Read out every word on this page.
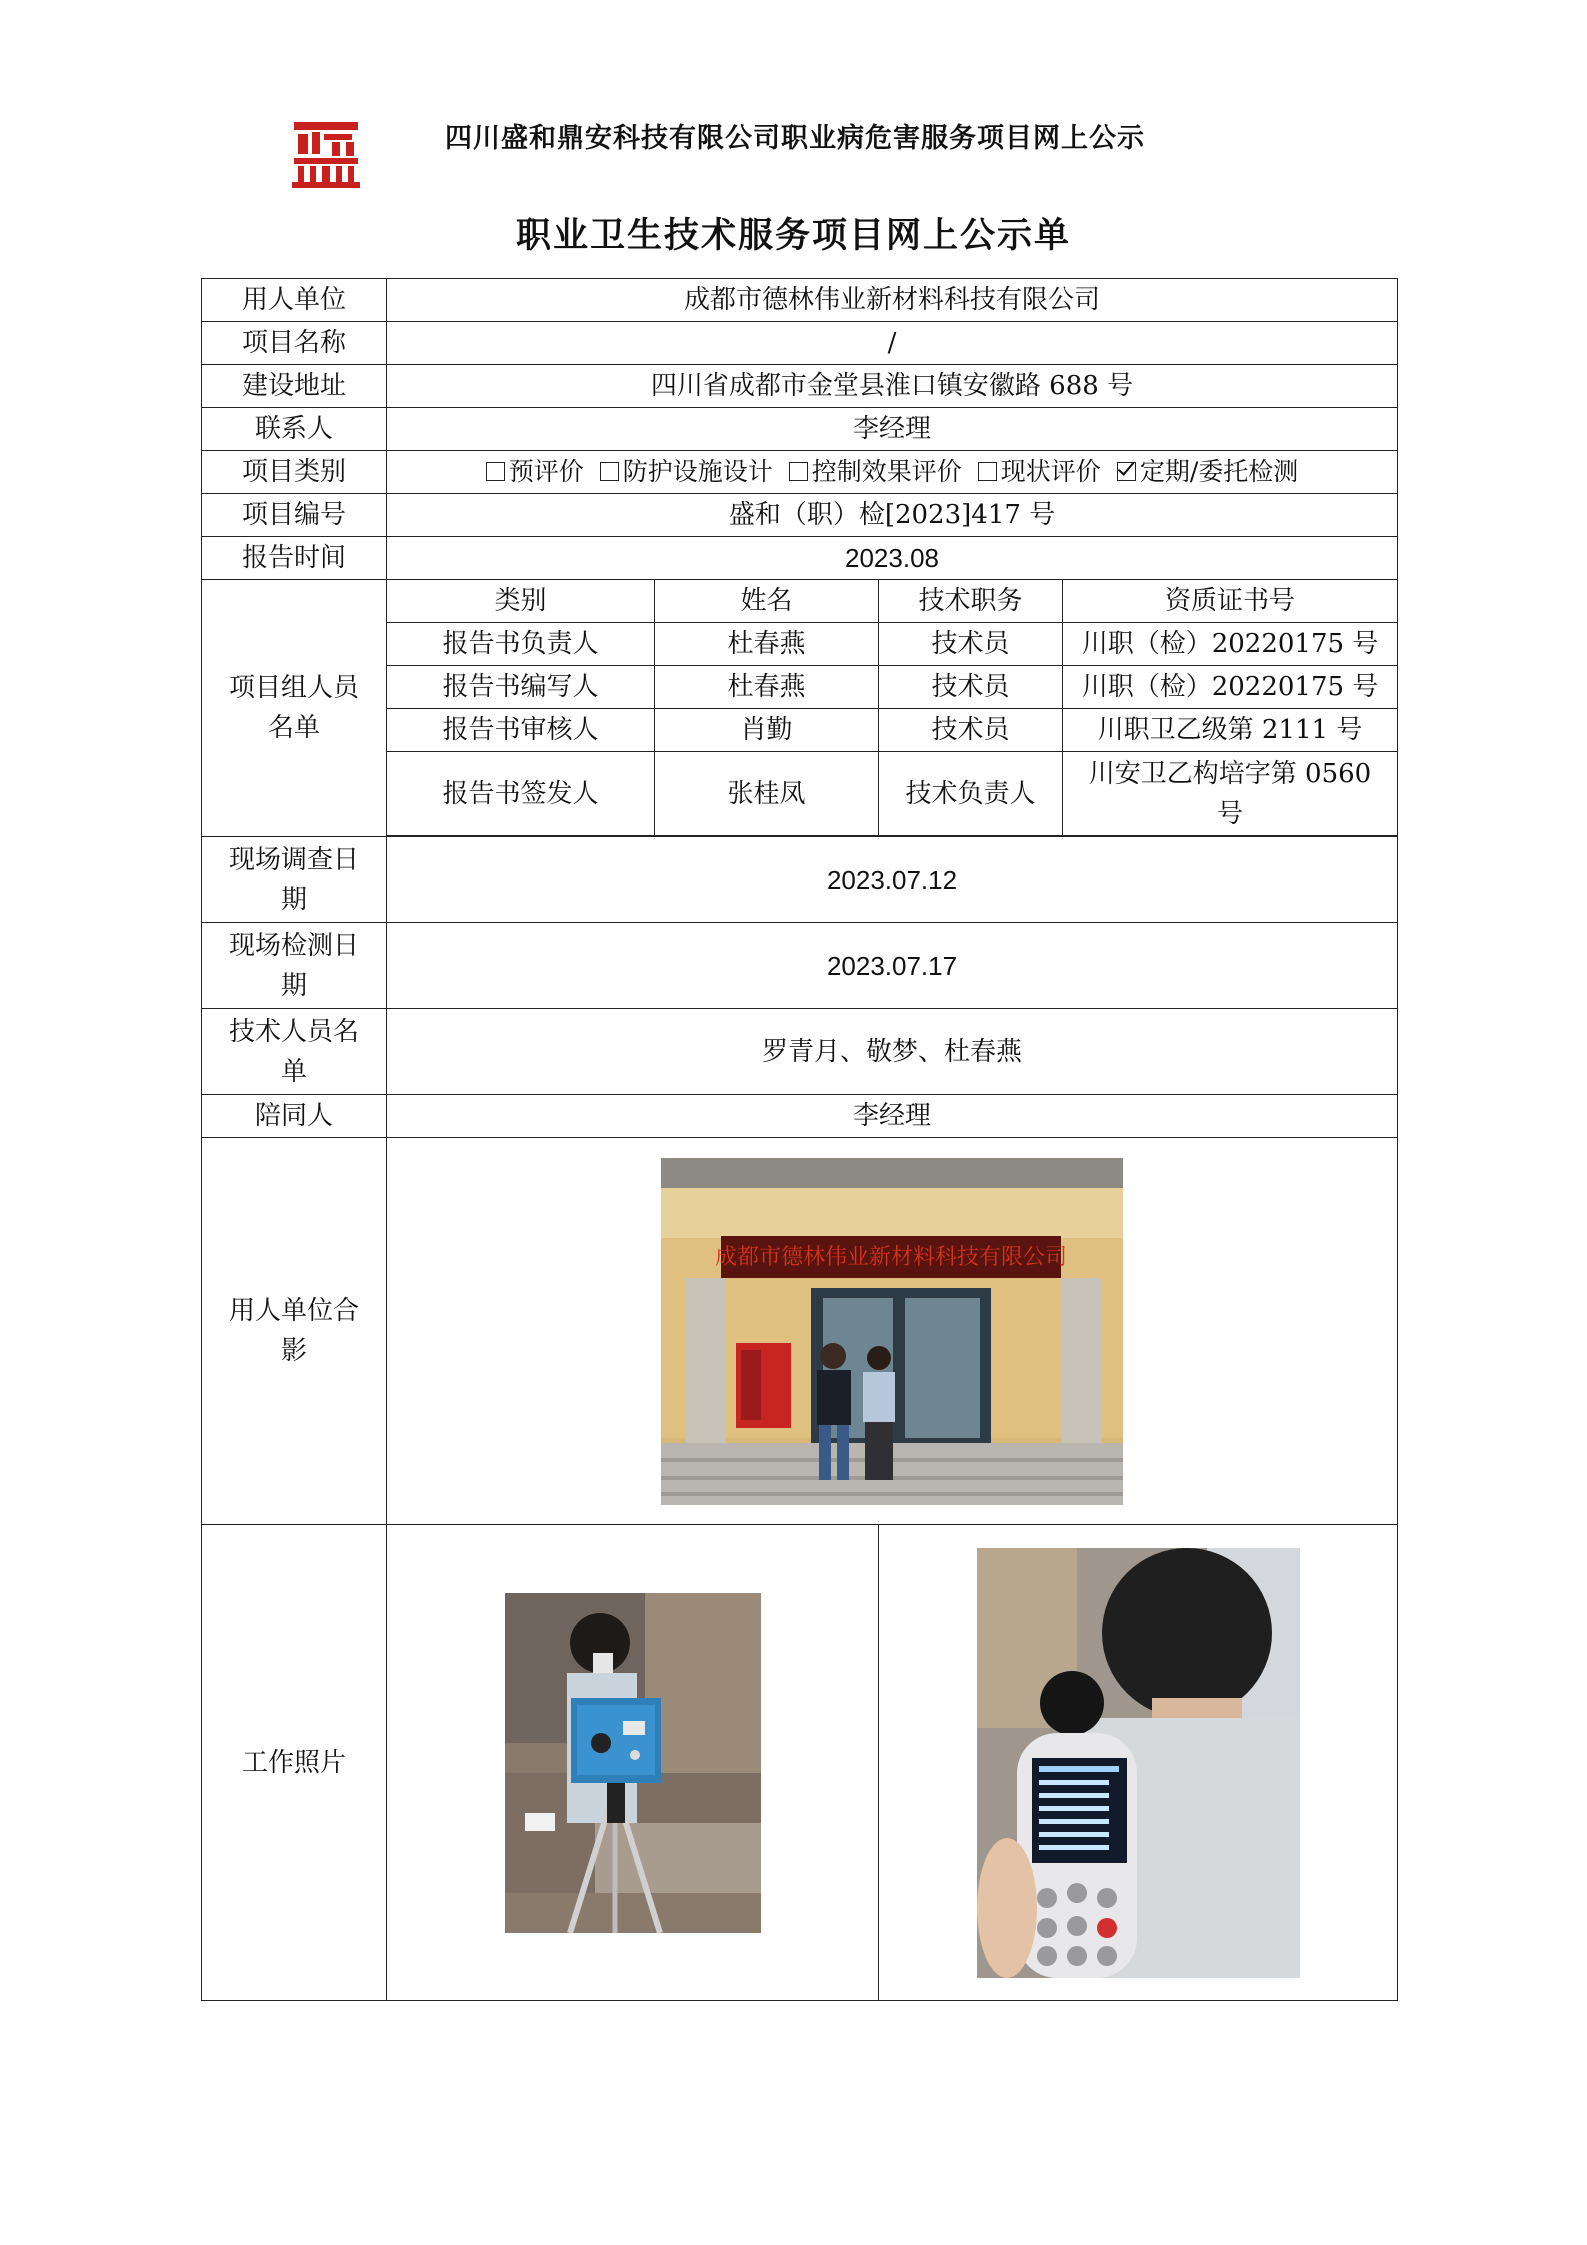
四川盛和鼎安科技有限公司职业病危害服务项目网上公示
职业卫生技术服务项目网上公示单
用人单位	成都市德林伟业新材料科技有限公司			
项目名称	/			
建设地址	四川省成都市金堂县淮口镇安徽路 688 号			
联系人	李经理			
项目类别	预评价 防护设施设计 控制效果评价 现状评价 定期/委托检测			
项目编号	盛和（职）检[2023]417 号			
报告时间	2023.08			

项目组人员名单	类别	姓名	技术职务	资质证书号
	报告书负责人	杜春燕	技术员	川职（检）20220175 号
	报告书编写人	杜春燕	技术员	川职（检）20220175 号
	报告书审核人	肖勤	技术员	川职卫乙级第 2111 号
	报告书签发人	张桂凤	技术负责人	川安卫乙构培字第 0560 号

现场调查日期	2023.07.12			

现场检测日期	2023.07.17			

技术人员名单	罗青月、敬梦、杜春燕			
陪同人	李经理			

用人单位合影	成都市德林伟业新材料科技有限公司			

工作照片	
